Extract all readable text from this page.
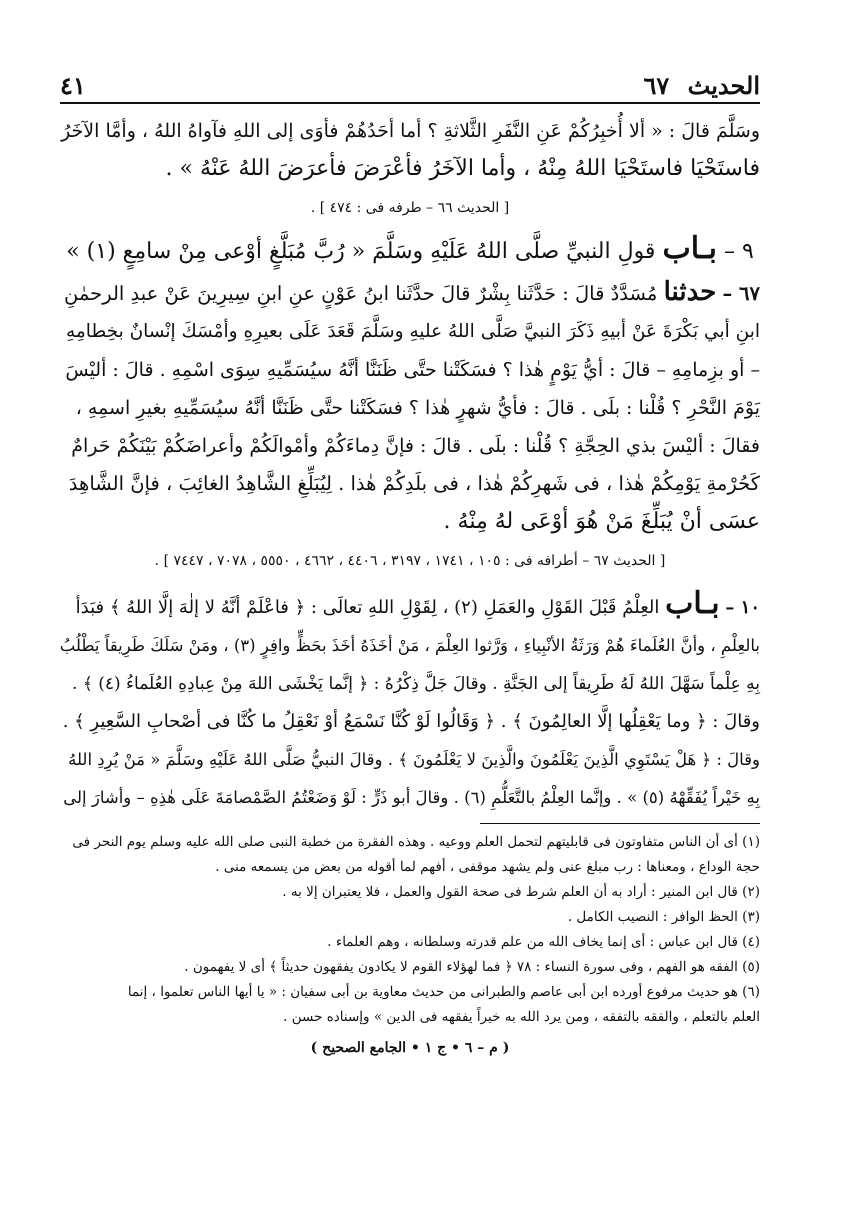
الحديث ٦٧
٤١
وسَلَّمَ قالَ : « ألا أُخبِرُكُمْ عَنِ النَّفَرِ الثَّلاثةِ ؟ أما أحَدُهُمْ فأوَى إلى اللهِ فآواهُ اللهُ ، وأمَّا الآخَرُ
فاستَحْيَا فاستَحْيَا اللهُ مِنْهُ ، وأما الآخَرُ فأعْرَضَ فأعرَضَ اللهُ عَنْهُ » .
[ الحديث ٦٦ – طرفه فى : ٤٧٤ ] .
٩ – بـاب قولِ النبيِّ صلَّى اللهُ عَلَيْهِ وسَلَّمَ « رُبَّ مُبَلَّغٍ أوْعى مِنْ سامِعٍ (١) »
٦٧ – حدثنا مُسَدَّدٌ قالَ : حَدَّثَنا بِشْرٌ قالَ حدَّثَنا ابنُ عَوْنٍ عنِ ابنِ سِيرِينَ عَنْ عبدِ الرحمٰنِ
ابنِ أبي بَكْرَةَ عَنْ أبيهِ ذَكَرَ النبيَّ صَلَّى اللهُ عليهِ وسَلَّمَ قَعَدَ عَلَى بعيرِهِ وأمْسَكَ إنْسانٌ بخِطامِهِ
– أو بزِمامِهِ – قالَ : أيُّ يَوْمٍ هٰذا ؟ فسَكَتْنا حتَّى ظَنَنَّا أنَّهُ سيُسَمِّيهِ سِوَى اسْمِهِ . قالَ : أليْسَ
يَوْمَ النَّحْرِ ؟ قُلْنا : بلَى . قالَ : فأيُّ شهرٍ هٰذا ؟ فسَكَتْنا حتَّى ظَنَنَّا أنَّهُ سيُسَمِّيهِ بغيرِ اسمِهِ ،
فقالَ : أليْسَ بذي الحِجَّةِ ؟ قُلْنا : بلَى . قالَ : فإنَّ دِماءَكُمْ وأمْوالَكُمْ وأعراضَكُمْ بَيْنَكُمْ حَرامٌ
كَحُرْمةِ يَوْمِكُمْ هٰذا ، فى شَهرِكُمْ هٰذا ، فى بلَدِكُمْ هٰذا . لِيُبَلِّغِ الشَّاهِدُ الغائِبَ ، فإنَّ الشَّاهِدَ
عسَى أنْ يُبَلِّغَ مَنْ هُوَ أوْعَى لهُ مِنْهُ .
[ الحديث ٦٧ – أطرافه فى : ١٠٥ ، ١٧٤١ ، ٣١٩٧ ، ٤٤٠٦ ، ٤٦٦٢ ، ٥٥٥٠ ، ٧٠٧٨ ، ٧٤٤٧ ] .
١٠ – بـاب العِلْمُ قَبْلَ القَوْلِ والعَمَلِ (٢) ، لِقَوْلِ اللهِ تعالَى : ﴿ فاعْلَمْ أنَّهُ لا إلٰهَ إلَّا اللهُ ﴾ فبَدَأ
بالعِلْمِ ، وأنَّ العُلَماءَ هُمْ وَرَثَةُ الأنْبِياءِ ، وَرَّثوا العِلْمَ ، مَنْ أخَذَهُ أخَذَ بحَظٍّ وافِرٍ (٣) ، ومَنْ سَلَكَ طَرِيقاً يَطْلُبُ
بِهِ عِلْماً سَهَّلَ اللهُ لَهُ طَرِيقاً إلى الجَنَّةِ . وقالَ جَلَّ ذِكْرُهُ : ﴿ إنَّما يَخْشَى اللهَ مِنْ عِبادِهِ العُلَماءُ (٤) ﴾ .
وقالَ : ﴿ وما يَعْقِلُها إلَّا العالِمُونَ ﴾ . ﴿ وَقَالُوا لَوْ كُنَّا نَسْمَعُ أوْ نَعْقِلُ ما كُنَّا فى أصْحابِ السَّعِيرِ ﴾ .
وقالَ : ﴿ هَلْ يَسْتَوِي الَّذِينَ يَعْلَمُونَ والَّذِينَ لا يَعْلَمُونَ ﴾ . وقالَ النبيُّ صَلَّى اللهُ عَلَيْهِ وسَلَّمَ « مَنْ يُرِدِ اللهُ
بِهِ خَيْراً يُفَقِّهْهُ (٥) » . وإنَّما العِلْمُ بالتَّعَلُّمِ (٦) . وقالَ أبو ذَرٍّ : لَوْ وَضَعْتُمُ الصَّمْصامَةَ عَلَى هٰذِهِ – وأشارَ إلى
(١) أى أن الناس متفاوتون فى قابليتهم لتحمل العلم ووعيه . وهذه الفقرة من خطبة النبى صلى الله عليه وسلم يوم النحر فى
حجة الوداع ، ومعناها : رب مبلغ عنى ولم يشهد موقفى ، أفهم لما أقوله من بعض من يسمعه منى .
(٢) قال ابن المنير : أراد به أن العلم شرط فى صحة القول والعمل ، فلا يعتبران إلا به .
(٣) الحظ الوافر : النصيب الكامل .
(٤) قال ابن عباس : أى إنما يخاف الله من علم قدرته وسلطانه ، وهم العلماء .
(٥) الفقه هو الفهم ، وفى سورة النساء : ٧٨ ﴿ فما لهؤلاء القوم لا يكادون يفقهون حديثاً ﴾ أى لا يفهمون .
(٦) هو حديث مرفوع أورده ابن أبى عاصم والطبرانى من حديث معاوية بن أبى سفيان : « يا أيها الناس تعلموا ، إنما
العلم بالتعلم ، والفقه بالتفقه ، ومن يرد الله به خيراً يفقهه فى الدين » وإسناده حسن .
( م – ٦ • ج ١ • الجامع الصحيح )
